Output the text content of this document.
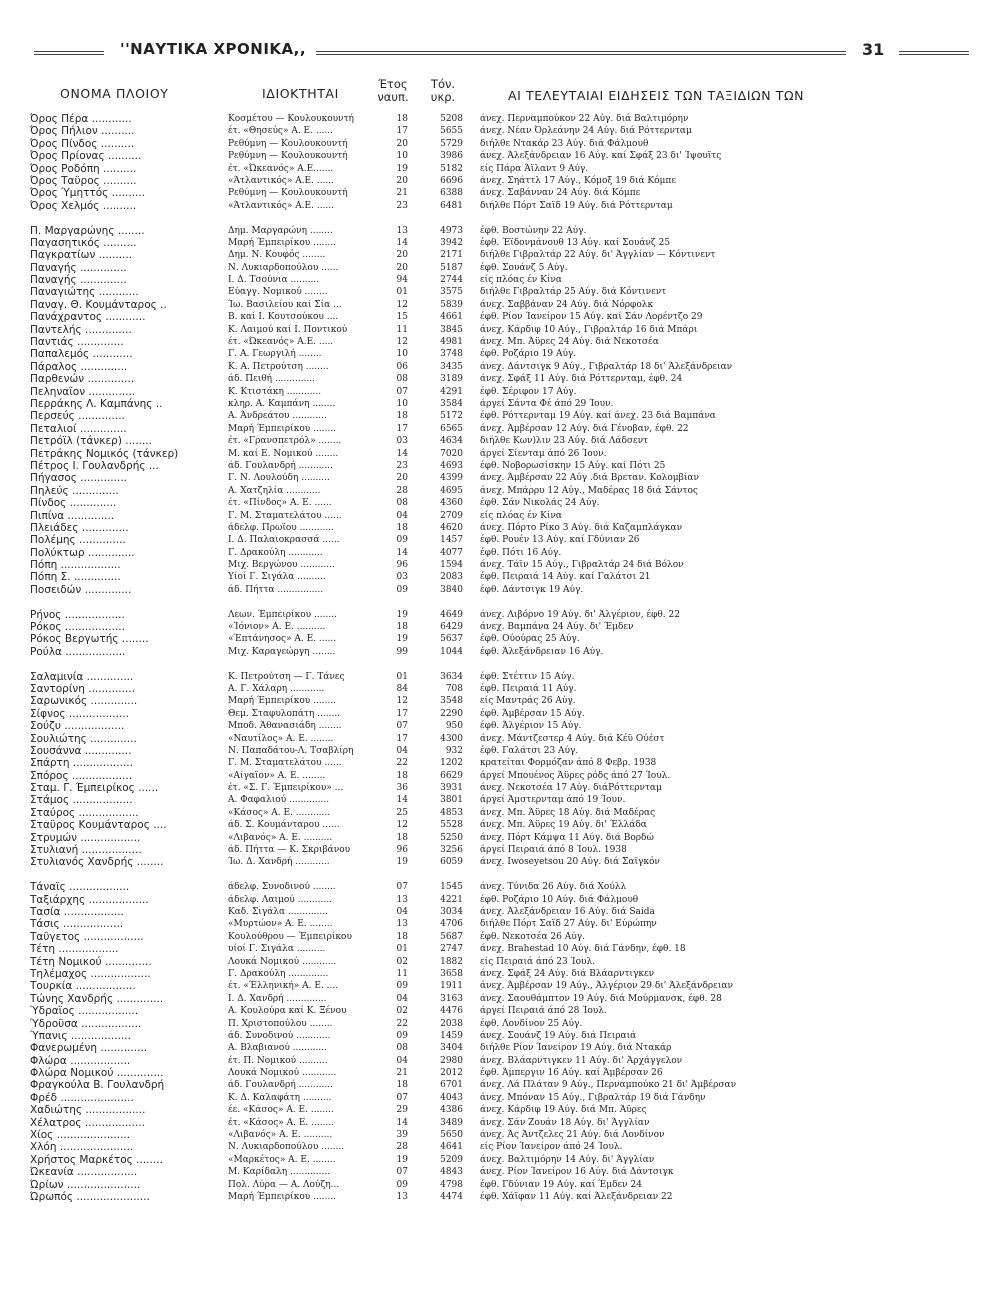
''ΝΑΥΤΙΚΑ ΧΡΟΝΙΚΑ,,	31
ΟΝΟΜΑ ΠΛΟΙΟΥ	ΙΔΙΟΚΤΗΤΑΙ
Έτος ναυπ.
Τόν. υκρ.	ΑΙ ΤΕΛΕΥΤΑΙΑΙ ΕΙΔΗΣΕΙΣ ΤΩΝ ΤΑΞΙΔΙΩΝ ΤΩΝ
Όρος Πέρα ............	Κοσμέτου — Κουλουκουντή	18	5208 άνεχ. Περναμπούκον 22 Αύγ. διά Βαλτιμόρην
Όρος Πήλιον ..........	έτ. «Θησεύς» Α. Ε. ......	17	5655 άνεχ. Νέαν Όρλεάνην 24 Αύγ. διά Ρόττερνταμ
Όρος Πίνδος ..........	Ρεθύμνη — Κουλουκουντή	20	5729 διήλθε Ντακάρ 23 Αύγ. διά Φάλμουθ
Όρος Πρίονας ..........	Ρεθύμνη — Κουλουκουντή	10	3986 άνεχ. Άλεξάνδρειαν 16 Αύγ. καί Σφάξ 23 δι' Ίψουϊτς
Όρος Ροδόπη ..........	έτ. «Ώκεανός» Α.Ε.......	19	5182 είς Πάρα Άϊλαντ 9 Αύγ.
Όρος Ταΰρος ..........	«Άτλαντικός» Α.Ε. ......	20	6696 άνεχ. Σηάττλ 17 Αύγ., Κόμοξ 19 διά Κόμπε
Όρος Ύμηττός ..........	Ρεθύμνη — Κουλουκουντή	21	6388 άνεχ. Σαβάνναν 24 Αύγ. διά Κόμπε
Όρος Χελμός ..........	«Άτλαντικός» Α.Ε. ......	23	6481 διήλθε Πόρτ Σαΐδ 19 Αύγ. διά Ρόττερνταμ
Π. Μαργαρώνης ........	Δημ. Μαργαρώνη ........	13	4973 έφθ. Βοστώνην 22 Αύγ.
Παγασητικός ..........	Μαρή Έμπειρίκου ........	14	3942 έφθ. Έϊδονμάνουθ 13 Αύγ. καί Σουάνζ 25
Παγκρατίων ..........	Δημ. Ν. Κουφός ........	20	2171 διήλθε Γιβραλτάρ 22 Αύγ. δι' Άγγλίαν — Κόντινεντ
Παναγής ..............	Ν. Λυκιαρδοπούλου ......	20	5187 έφθ. Σουάνζ 5 Αύγ.
Παναγής ..............	Ι. Δ. Τσούνια ..........	94	2744 είς πλόας έν Κίνα
Παναγιώτης ............	Εύαγγ. Νομικού ........	01	3575 διήλθε Γιβραλτάρ 25 Αύγ. διά Κόντινεντ
Παναγ. Θ. Κουμάνταρος ..	Ίω. Βασιλείου καί Σία ...	12	5839 άνεχ. Σαββάναν 24 Αύγ. διά Νόρφολκ
Πανάχραντος ............	Β. καί Ι. Κουτσούκου ....	15	4661 έφθ. Ρίον Ίανείρον 15 Αύγ. καί Σάν Λορέντζο 29
Παντελής ..............	Κ. Λαιμού καί Ι. Ποντικού	11	3845 άνεχ. Κάρδιφ 10 Αύγ., Γιβραλτάρ 16 διά Μπάρι
Παντιάς ..............	έτ. «Ώκεανός» Α.Ε. .....	12	4981 άνεχ. Μπ. Άϋρες 24 Αύγ. διά Νεκοτσέα
Παπαλεμός ............	Γ. Α. Γεωργιλή ........	10	3748 έφθ. Ροζάριο 19 Αύγ.
Πάραλος ..............	Κ. Α. Πετρούτση ........	06	3435 άνεχ. Δάντσιγκ 9 Αύγ., Γιβραλτάρ 18 δι' Άλεξάνδρειαν
Παρθενών ..............	άδ. Πειθή ..............	08	3189 άνεχ. Σφάξ 11 Αύγ. διά Ρόττερνταμ, έφθ. 24
Πεληναΐον ..............	Κ. Κτιστάκη ............	07	4291 έφθ. Σέριφον 17 Αύγ.
Περράκης Λ. Καμπάνης ..	κληρ. Α. Καμπάνη ........	10	3584 άργεί Σάντα Φέ άπό 29 Ίουν.
Περσεύς ..............	Α. Άνδρεάτου ............	18	5172 έφθ. Ρόττερνταμ 19 Αύγ. καί άνεχ. 23 διά Βαμπάνα
Πεταλιοί ..............	Μαρή Έμπειρίκου ........	17	6565 άνεχ. Άμβέρσαν 12 Αύγ. διά Γένοβαν, έφθ. 22
Πετρόϊλ (τάνκερ) ........	έτ. «Γρανσπετρόλ» ........	03	4634 διήλθε Κων)λιν 23 Αύγ. διά Λάδσεντ
Πετράκης Νομικός (τάνκερ)	Μ. καί Ε. Νομικού ........	14	7020 άργεί Σίενταμ άπό 26 Ίουν.
Πέτρος Ι. Γουλανδρής ...	άδ. Γουλανδρή ............	23	4693 έφθ. Νοβορωσίσκην 15 Αύγ. καί Πότι 25
Πήγασος ..............	Γ. Ν. Λουλούδη ..........	20	4399 άνεχ. Άμβέρσαν 22 Αύγ .διά Βρεταν. Κολομβίαν
Πηλεύς ..............	Α. Χατζηλία ............	28	4695 άνεχ. Μπάρρυ 12 Αύγ., Μαδέρας 18 διά Σάντος
Πίνδος ..............	έτ. «Πίνδος» Α. Ε. ......	08	4360 έφθ. Σάν Νικολάς 24 Αύγ.
Πιπίνα ..............	Γ. Μ. Σταματελάτου ......	04	2709 είς πλόας έν Κίνα
Πλειάδες ..............	άδελφ. Πρωΐου ............	18	4620 άνεχ. Πόρτο Ρίκο 3 Αύγ. διά Καζαμπλάγκαν
Πολέμης ..............	Ι. Δ. Παλαιοκρασσά ......	09	1457 έφθ. Ρουέν 13 Αύγ. καί Γδύνιαν 26
Πολύκτωρ ..............	Γ. Δρακούλη ............	14	4077 έφθ. Πότι 16 Αύγ.
Πόπη ..................	Μιχ. Βεργώνου ............	96	1594 άνεχ. Τάϊν 15 Αύγ., Γιβραλτάρ 24 διά Βόλον
Πόπη Σ. ..............	Υίοί Γ. Σιγάλα ..........	03	2083 έφθ. Πειραιά 14 Αύγ. καί Γαλάτσι 21
Ποσειδών ..............	άδ. Πήττα ................	09	3840 έφθ. Δάντσιγκ 19 Αύγ.
Ρήνος ..................	Λεων. Έμπειρίκου ........	19	4649 άνεχ. Λιβόρνο 19 Αύγ. δι' Άλγέριον, έφθ. 22
Ρόκος ..................	«Ίόνιον» Α. Ε. ..........	18	6429 άνεχ. Βαμπάνα 24 Αύγ. δι' Έμδεν
Ρόκος Βεργωτής ........	«Έπτάνησος» Α. Ε. ......	19	5637 έφθ. Ούούρας 25 Αύγ.
Ρούλα ..................	Μιχ. Καραγεώργη ........	99	1044 έφθ. Άλεξάνδρειαν 16 Αύγ.
Σαλαμινία ..............	Κ. Πετρούτση — Γ. Τάνες	01	3634 έφθ. Στέττιν 15 Αύγ.
Σαντορίνη ..............	Α. Γ. Χάλαρη ............	84	708 έφθ. Πειραιά 11 Αύγ.
Σαρωνικός ..............	Μαρή Έμπειρίκου ........	12	3548 είς Μαντράς 26 Αύγ.
Σίφνος ..................	Θεμ. Σταφυλοπάτη ........	17	2290 έφθ. Άμβέρσαν 15 Αύγ.
Σούζυ ..................	Μποδ. Άθανασιάδη ........	07	950 έφθ. Άλγέριον 15 Αύγ.
Σουλιώτης ..............	«Ναυτίλος» Α. Ε. ........	17	4300 άνεχ. Μάντζεστερ 4 Αύγ. διά Κέϋ Ούέστ
Σουσάννα ..............	Ν. Παπαδάτου-Λ. Τσαβλίρη	04	932 έφθ. Γαλάτσι 23 Αύγ.
Σπάρτη ..................	Γ. Μ. Σταματελάτου ......	22	1202 κρατείται Φορμόζαν άπό 8 Φεβρ. 1938
Σπόρος ..................	«Αίγαΐον» Α. Ε. ........	18	6629 άργεί Μπουένος Άϋρες ρόδς άπό 27 Ίουλ.
Σταμ. Γ. Έμπειρίκος ......	έτ. «Σ. Γ. Έμπειρίκου» ...	36	3931 άνεχ. Νεκοτσέα 17 Αύγ. διάΡόττερνταμ
Στάμος ..................	Α. Φαφαλιού ..............	14	3801 άργεί Άμστερνταμ άπό 19 Ίουν.
Σταύρος ..................	«Κάσος» Α. Ε. ............	25	4853 άνεχ. Μπ. Άϋρες 18 Αύγ. διά Μαδέρας
Σταΰρος Κουμάνταρος ....	άδ. Σ. Κουμάνταρου ......	12	5528 άνεχ. Μπ. Άϋρες 19 Αύγ. δι' Έλλάδα
Στρυμών ..................	«Λιβανός» Α. Ε. ..........	18	5250 άνεχ. Πόρτ Κάμψα 11 Αύγ. διά Βορδώ
Στυλιανή ..................	άδ. Πήττα — Κ. Σκριβάνου	96	3256 άργεί Πειραιά άπό 8 Ίουλ. 1938
Στυλιανός Χανδρής ........	Ίω. Δ. Χανδρή ............	19	6059 άνεχ. Iwoseyetsou 20 Αύγ. διά Σαϊγκόν
Τάναϊς ..................	άδελφ. Συνοδινού ........	07	1545 άνεχ. Τύνιδα 26 Αύγ. διά Χούλλ
Ταξιάρχης ..................	άδελφ. Λαιμού ............	13	4221 έφθ. Ροζάριο 10 Αύγ. διά Φάλμουθ
Τασία ..................	Καδ. Σιγάλα ..............	04	3034 άνεχ. Άλεξάνδρειαν 16 Αύγ. διά Saida
Τάσις ..................	«Μυρτώον» Α. Ε. ........	13	4706 διήλθε Πόρτ Σαΐδ 27 Αύγ. δι' Εύρώπην
Ταΰγετος ..................	Κουλούθρου — Έμπειρίκου	18	5687 έφθ. Νεκοτσέα 26 Αύγ.
Τέτη ..................	υίοί Γ. Σιγάλα ..........	01	2747 άνεχ. Brahestad 10 Αύγ. διά Γάνδην, έφθ. 18
Τέτη Νομικού ..............	Λουκά Νομικού ............	02	1882 είς Πειραιά άπό 23 Ίουλ.
Τηλέμαχος ..................	Γ. Δρακούλη ..............	11	3658 άνεχ. Σφάξ 24 Αύγ. διά Βλάαρντιγκεν
Τουρκία ..................	έτ. «Έλληνική» Α. Ε. ....	09	1911 άνεχ. Άμβέρσαν 19 Αύγ., Άλγέριον 29 δι' Άλεξάνδρειαν
Τώνης Χανδρής ..............	Ι. Δ. Χανδρή ..............	04	3163 άνεχ. Σαουθάμπτον 19 Αύγ. διά Μούρμανσκ, έφθ. 28
Ύδραΐος ..................	Α. Κουλούρα καί Κ. Ξένου	02	4476 άργεί Πειραιά άπό 28 Ίουλ.
Ύδροΰσα ..................	Π. Χριστοπούλου ........	22	2038 έφθ. Λονδίνον 25 Αύγ.
Ύπανις ..................	άδ. Συνοδινού ............	09	1459 άνεχ. Σουάνζ 19 Αύγ. διά Πειραιά
Φανερωμένη ..............	Α. Βλαβιανού ............	08	3404 διήλθε Ρίον Ίανείρον 19 Αύγ. διά Ντακάρ
Φλώρα ..................	έτ. Π. Νομικού ..........	04	2980 άνεχ. Βλάαρντιγκεν 11 Αύγ. δι' Άρχάγγελον
Φλώρα Νομικού ..............	Λουκά Νομικού ............	21	2012 έφθ. Άμπεργιν 16 Αύγ. καί Άμβέρσαν 26
Φραγκούλα Β. Γουλανδρή	άδ. Γουλανδρή ............	18	6701 άνεχ. Λά Πλάταν 9 Αύγ., Περναμπούκο 21 δι' Άμβέρσαν
Φρέδ ......................	Κ. Δ. Καλαφάτη ..........	07	4043 άνεχ. Μπόναν 15 Αύγ., Γιβραλτάρ 19 διά Γάνδην
Χαδιώτης ..................	έε. «Κάσος» Α. Ε. ........	29	4386 άνεχ. Κάρδιφ 19 Αύγ. διά Μπ. Άϋρες
Χέλατρος ..................	έτ. «Κάσος» Α. Ε. ........	14	3489 άνεχ. Σάν Ζουάν 18 Αύγ. δι' Άγγλίαν
Χίος ......................	«Λιβανός» Α. Ε. ..........	39	5650 άνεχ. Άς Άντζελες 21 Αύγ. διά Λονδίνον
Χλόη ......................	Ν. Λυκιαρδοπούλου ........	28	4641 είς Ρίον Ίανείρον άπό 24 Ίουλ.
Χρήστος Μαρκέτος ........	«Μαρκέτος» Α. Ε. ........	19	5209 άνεχ. Βαλτιμόρην 14 Αύγ. δι' Άγγλίαν
Ώκεανία ..................	Μ. Καρίδαλη ..............	07	4843 άνεχ. Ρίον Ίανείρον 16 Αύγ. διά Δάντσιγκ
Ώρίων ......................	Πολ. Λύρα — Α. Λούζη...	09	4798 έφθ. Γδύνιαν 19 Αύγ. καί Έμδεν 24
Ώρωπός ......................	Μαρή Έμπειρίκου ........	13	4474 έφθ. Χάϊφαν 11 Αύγ. καί Άλεξάνδρειαν 22
